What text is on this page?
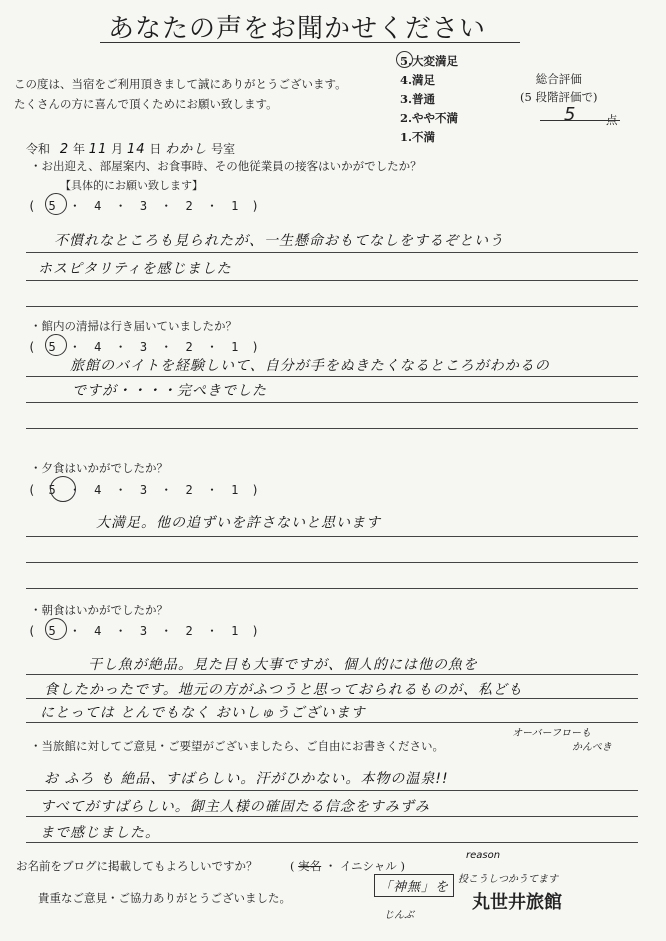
あなたの声をお聞かせください
この度は、当宿をご利用頂きまして誠にありがとうございます。
たくさんの方に喜んで頂くためにお願い致します。
5.大変満足
4.満足
3.普通
2.やや不満
1.不満
総合評価
(5 段階評価で)
5	点
令和 2 年 11 月 14 日 わかし 号室
・お出迎え、部屋案内、お食事時、その他従業員の接客はいかがでしたか？
【具体的にお願い致します】
( 5 ・ 4 ・ 3 ・ 2 ・ 1 )
不慣れなところも見られたが、一生懸命おもてなしをするぞという
ホスピタリティを感じました
・館内の清掃は行き届いていましたか？
( 5 ・ 4 ・ 3 ・ 2 ・ 1 )
旅館のバイトを経験しいて、自分が手をぬきたくなるところがわかるの
ですが・・・・完ぺきでした
・夕食はいかがでしたか？
( 5 ・ 4 ・ 3 ・ 2 ・ 1 )
大満足。他の追ずいを許さないと思います
・朝食はいかがでしたか？
( 5 ・ 4 ・ 3 ・ 2 ・ 1 )
干し魚が絶品。見た目も大事ですが、個人的には他の魚を
食したかったです。地元の方がふつうと思っておられるものが、私ども
にとっては とんでもなく おいしゅうございます
・当旅館に対してご意見・ご要望がございましたら、ご自由にお書きください。
オーバーフローも
かんぺき
お ふろ も 絶品、すばらしい。汗がひかない。本物の温泉!!
すべてがすばらしい。御主人様の確固たる信念をすみずみ
まで感じました。
お名前をブログに掲載してもよろしいですか？	( 実名 ・ イニシャル )
reason
「神無」を
投こうしつかうてます
じんぶ
貴重なご意見・ご協力ありがとうございました。	丸世井旅館
